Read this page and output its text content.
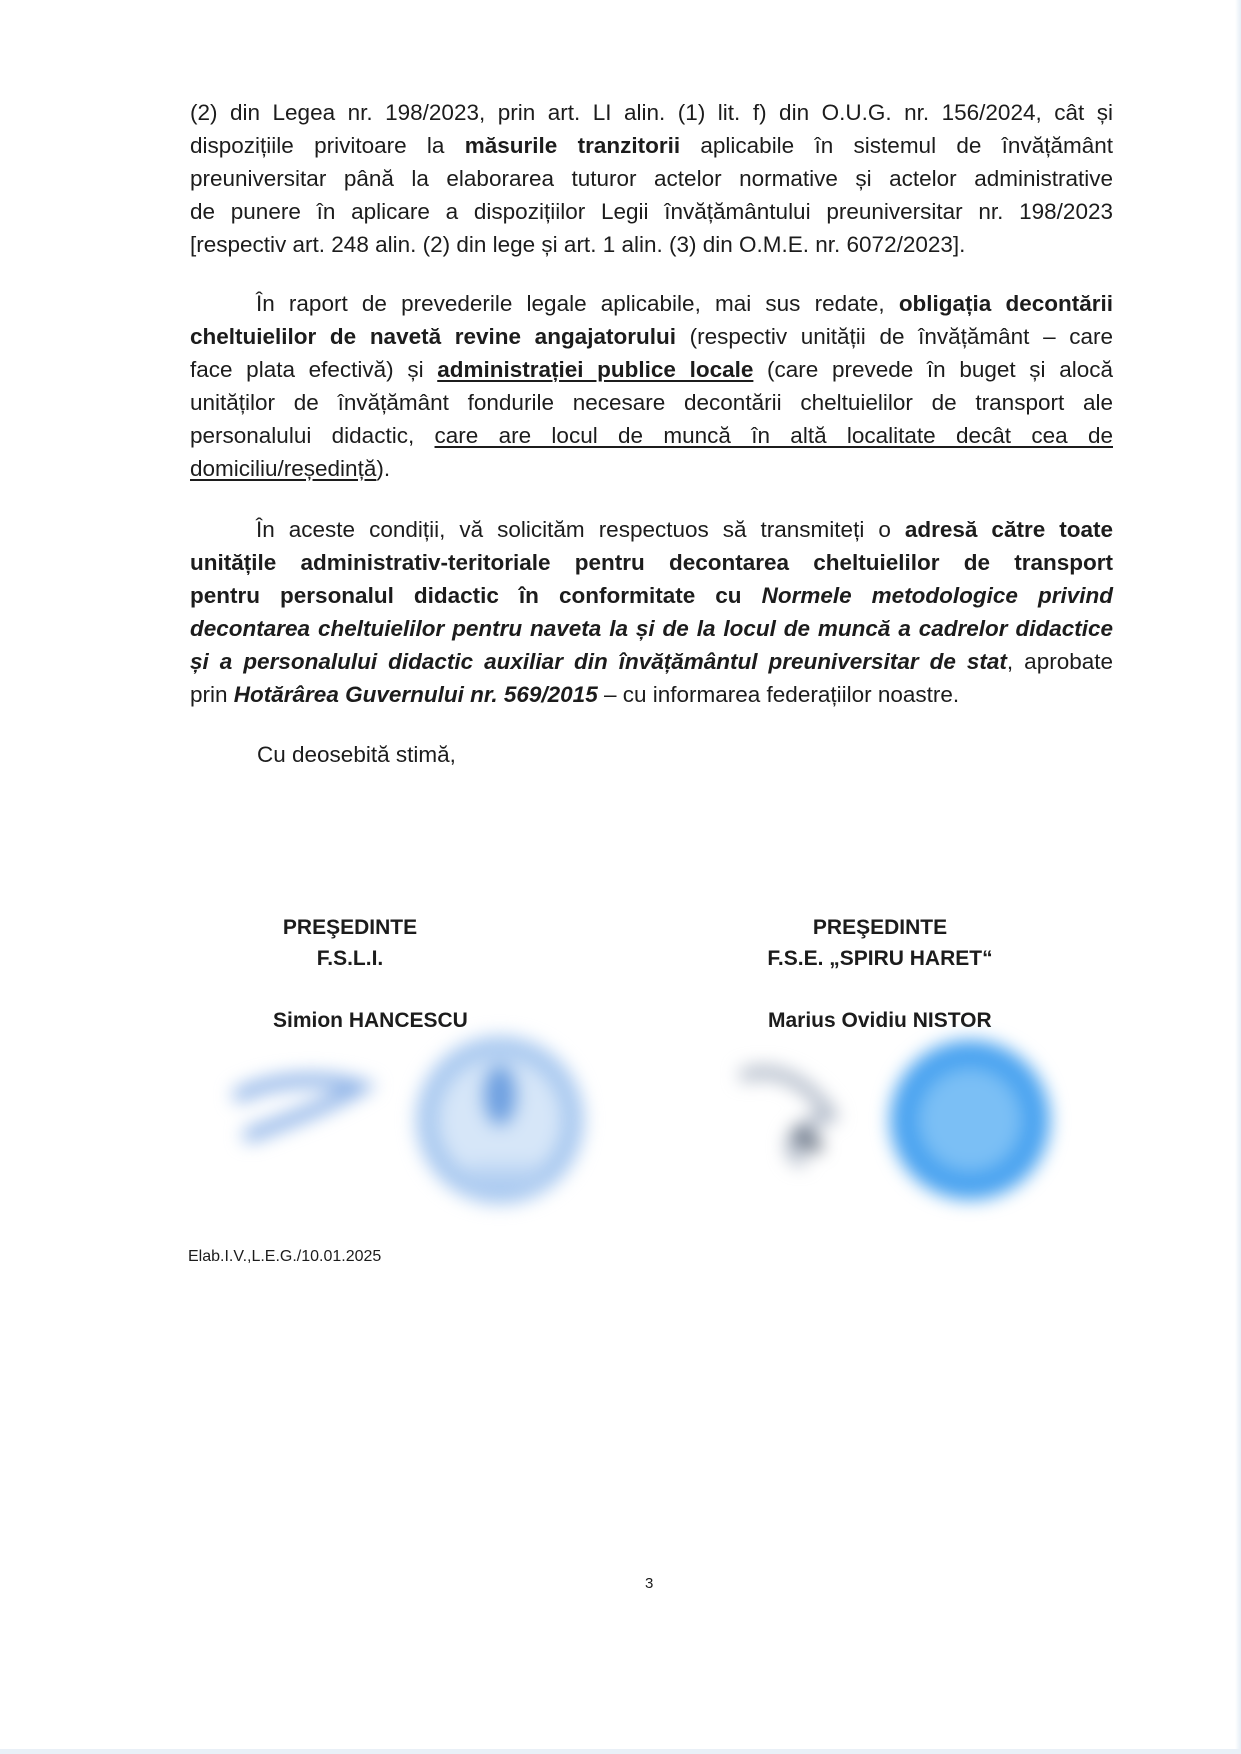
(2) din Legea nr. 198/2023, prin art. LI alin. (1) lit. f) din O.U.G. nr. 156/2024, cât și
dispozițiile privitoare la măsurile tranzitorii aplicabile în sistemul de învățământ
preuniversitar până la elaborarea tuturor actelor normative și actelor administrative
de punere în aplicare a dispozițiilor Legii învățământului preuniversitar nr. 198/2023
[respectiv art. 248 alin. (2) din lege și art. 1 alin. (3) din O.M.E. nr. 6072/2023].
În raport de prevederile legale aplicabile, mai sus redate, obligația decontării
cheltuielilor de navetă revine angajatorului (respectiv unității de învățământ – care
face plata efectivă) și administrației publice locale (care prevede în buget și alocă
unităților de învățământ fondurile necesare decontării cheltuielilor de transport ale
personalului didactic, care are locul de muncă în altă localitate decât cea de
domiciliu/reședință).
În aceste condiții, vă solicităm respectuos să transmiteți o adresă către toate
unitățile administrativ-teritoriale pentru decontarea cheltuielilor de transport
pentru personalul didactic în conformitate cu Normele metodologice privind
decontarea cheltuielilor pentru naveta la și de la locul de muncă a cadrelor didactice
și a personalului didactic auxiliar din învățământul preuniversitar de stat, aprobate
prin Hotărârea Guvernului nr. 569/2015 – cu informarea federațiilor noastre.
Cu deosebită stimă,
PREŞEDINTE
F.S.L.I.
PREŞEDINTE
F.S.E. „SPIRU HARET“
Simion HANCESCU	Marius Ovidiu NISTOR
Elab.I.V.,L.E.G./10.01.2025
3
